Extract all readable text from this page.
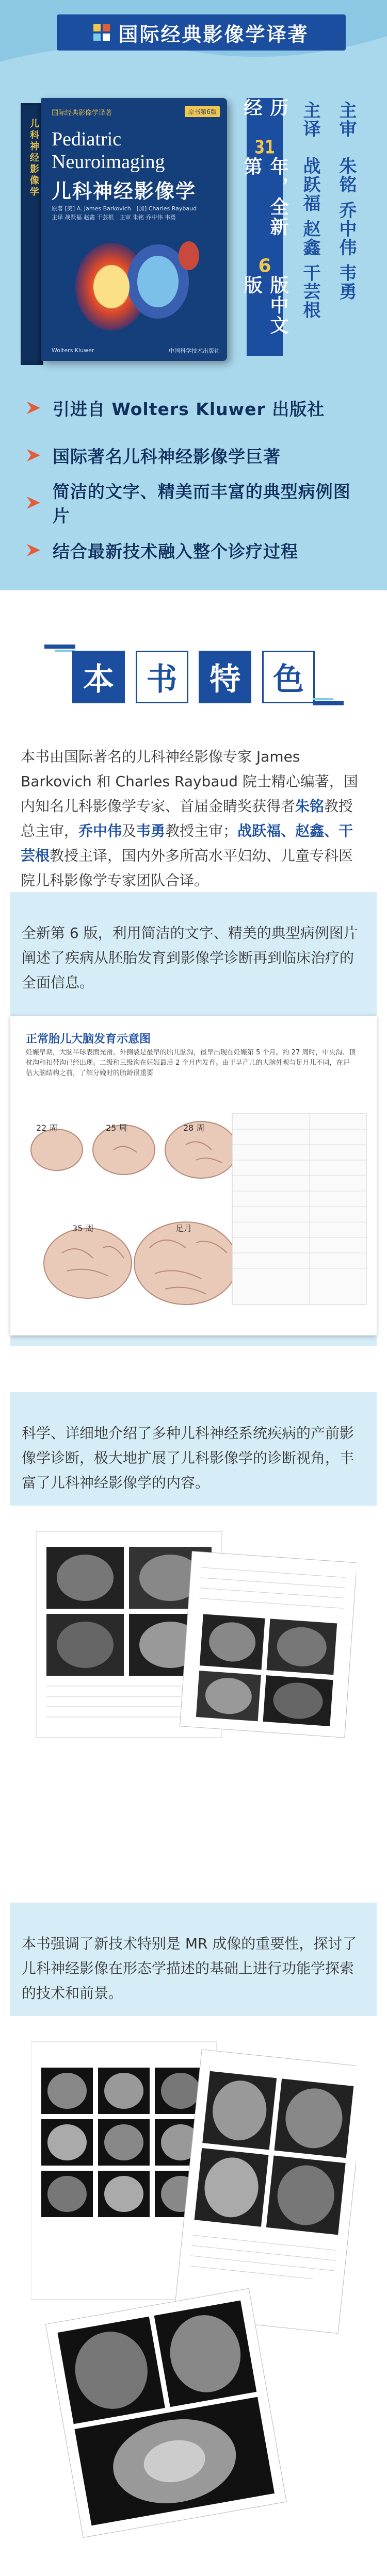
国际经典影像学译著
儿科神经影像学
国际经典影像学译著	原书第6版
Pediatric
Neuroimaging
儿科神经影像学
原著 [美] A. James Barkovich　[加] Charles Raybaud
主译 战跃福 赵鑫 干芸根　主审 朱铭 乔中伟 韦勇
Wolters Kluwer	中国科学技术出版社
历经
31
年，全新第
6
版中文版
主译　战跃福 赵鑫 干芸根
主审　朱铭 乔中伟 韦勇
引进自 Wolters Kluwer 出版社
国际著名儿科神经影像学巨著
简洁的文字、精美而丰富的典型病例图片
结合最新技术融入整个诊疗过程
本	书	特	色
本书由国际著名的儿科神经影像专家 James Barkovich 和 Charles Raybaud 院士精心编著，国内知名儿科影像学专家、首届金睛奖获得者朱铭教授总主审，乔中伟及韦勇教授主审；战跃福、赵鑫、干芸根教授主译，国内外多所高水平妇幼、儿童专科医院儿科影像学专家团队合译。
全新第 6 版，利用简洁的文字、精美的典型病例图片阐述了疾病从胚胎发育到影像学诊断再到临床治疗的全面信息。
正常胎儿大脑发育示意图
妊娠早期，大脑半球表面光滑。外侧裂是最早的胎儿脑沟，最早出现在妊娠第 5 个月。约 27 周时，中央沟、顶枕沟和扣带沟已经出现。二级和三级沟在妊娠最后 2 个月内发育。由于早产儿的大脑外观与足月儿不同，在评估大脑结构之前，了解分娩时的胎龄很重要
22 周	25 周	28 周
35 周	足月
科学、详细地介绍了多种儿科神经系统疾病的产前影像学诊断，极大地扩展了儿科影像学的诊断视角，丰富了儿科神经影像学的内容。
本书强调了新技术特别是 MR 成像的重要性，探讨了儿科神经影像在形态学描述的基础上进行功能学探索的技术和前景。
